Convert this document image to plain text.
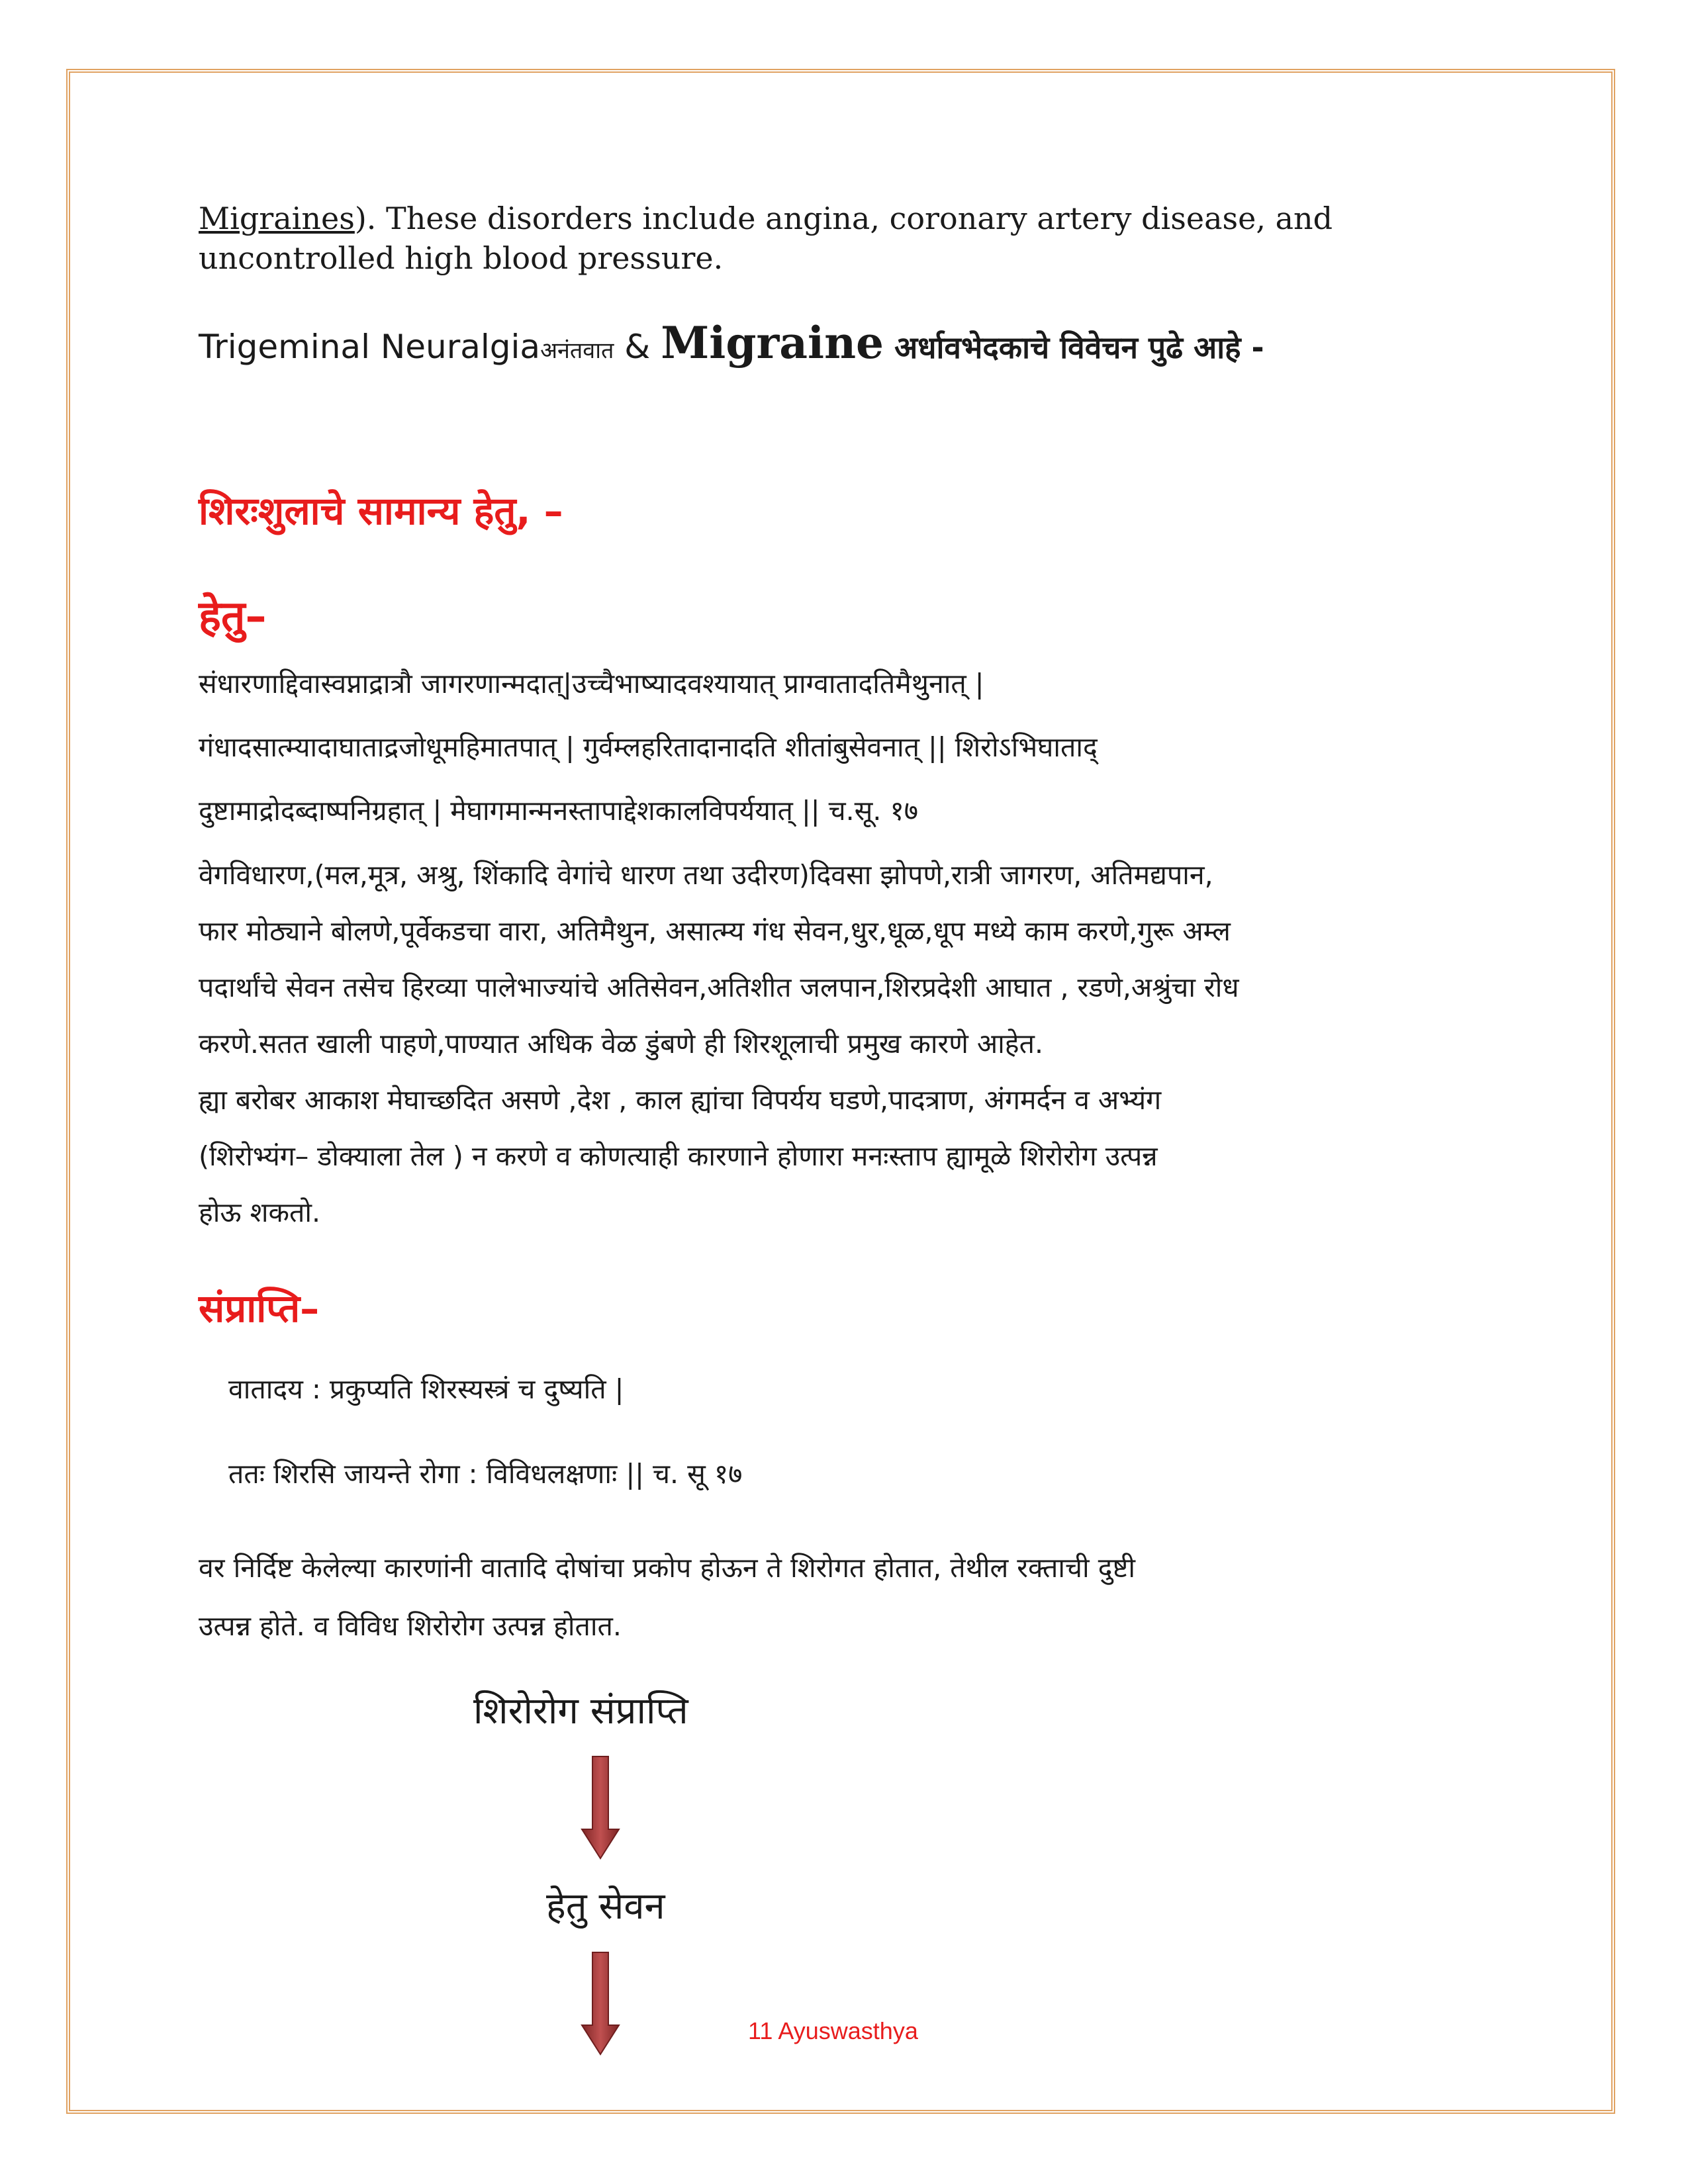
Migraines). These disorders include angina, coronary artery disease, and uncontrolled high blood pressure.

Trigeminal Neuralgiaअनंतवात & Migraine अर्धावभेदकाचे विवेचन पुढे आहे -

शिरःशुलाचे सामान्य हेतु, –

हेतु–

संधारणाद्दिवास्वप्नाद्रात्रौ जागरणान्मदात्|उच्चैभाष्यादवश्यायात् प्राग्वातादतिमैथुनात् |
गंधादसात्म्यादाघाताद्रजोधूमहिमातपात् | गुर्वम्लहरितादानादति शीतांबुसेवनात् || शिरोऽभिघाताद्
दुष्टामाद्रोदब्दाष्पनिग्रहात् | मेघागमान्मनस्तापाद्देशकालविपर्ययात् || च.सू. १७
वेगविधारण,(मल,मूत्र, अश्रु, शिंकादि वेगांचे धारण तथा उदीरण)दिवसा झोपणे,रात्री जागरण, अतिमद्यपान,
फार मोठ्याने बोलणे,पूर्वेकडचा वारा, अतिमैथुन, असात्म्य गंध सेवन,धुर,धूळ,धूप मध्ये काम करणे,गुरू अम्ल
पदार्थांचे सेवन तसेच हिरव्या पालेभाज्यांचे अतिसेवन,अतिशीत जलपान,शिरप्रदेशी आघात , रडणे,अश्रुंचा रोध
करणे.सतत खाली पाहणे,पाण्यात अधिक वेळ डुंबणे ही शिरशूलाची प्रमुख कारणे आहेत.
ह्या बरोबर आकाश मेघाच्छदित असणे ,देश , काल ह्यांचा विपर्यय घडणे,पादत्राण, अंगमर्दन व अभ्यंग
(शिरोभ्यंग– डोक्याला तेल ) न करणे व कोणत्याही कारणाने होणारा मनःस्ताप ह्यामूळे शिरोरोग उत्पन्न
होऊ शकतो.

संप्राप्ति–

वातादय : प्रकुप्यति शिरस्यस्त्रं च दुष्यति |

ततः शिरसि जायन्ते रोगा : विविधलक्षणाः || च. सू १७

वर निर्दिष्ट केलेल्या कारणांनी वातादि दोषांचा प्रकोप होऊन ते शिरोगत होतात, तेथील रक्ताची दुष्टी
उत्पन्न होते. व विविध शिरोरोग उत्पन्न होतात.
शिरोरोग संप्राप्ति
हेतु सेवन
11 Ayuswasthya
